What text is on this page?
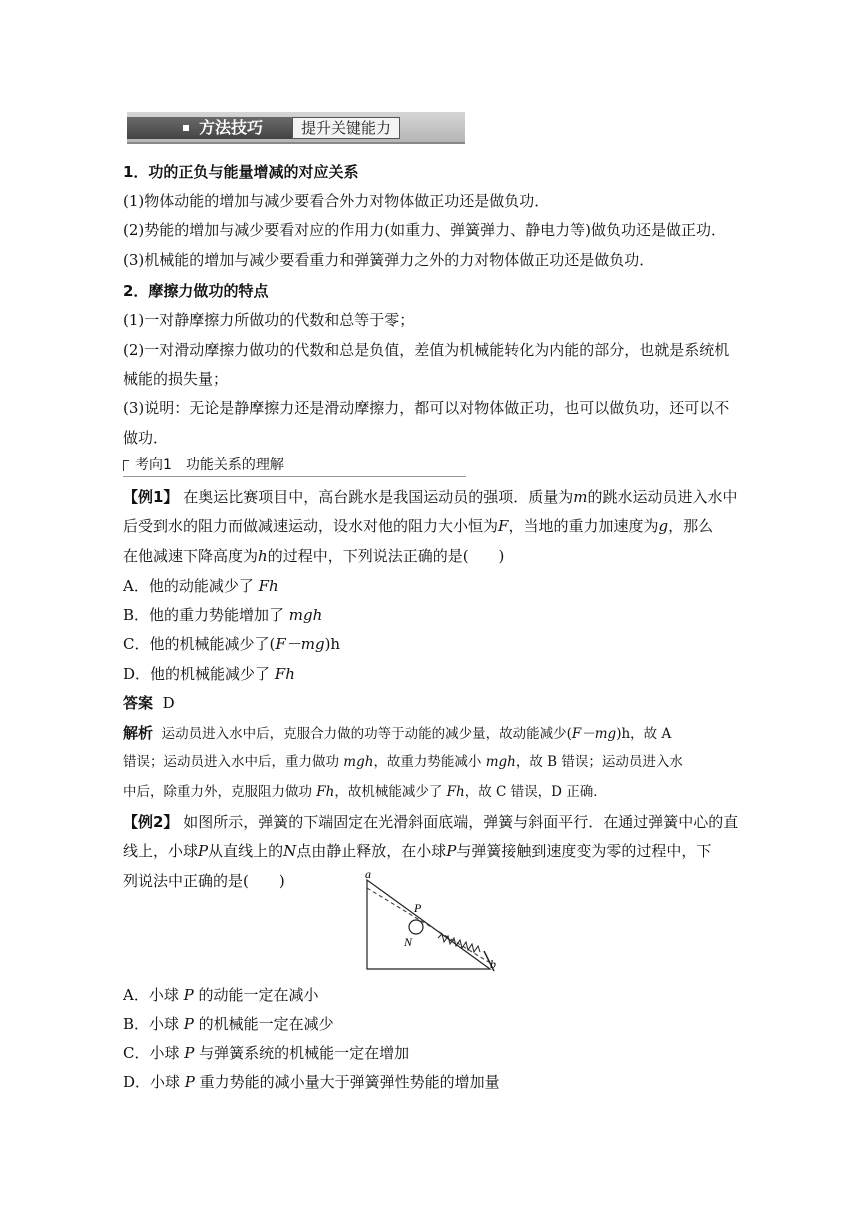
方法技巧	提升关键能力
1．功的正负与能量增减的对应关系
(1)物体动能的增加与减少要看合外力对物体做正功还是做负功．
(2)势能的增加与减少要看对应的作用力(如重力、弹簧弹力、静电力等)做负功还是做正功．
(3)机械能的增加与减少要看重力和弹簧弹力之外的力对物体做正功还是做负功．
2．摩擦力做功的特点
(1)一对静摩擦力所做功的代数和总等于零；
(2)一对滑动摩擦力做功的代数和总是负值，差值为机械能转化为内能的部分，也就是系统机
械能的损失量；
(3)说明：无论是静摩擦力还是滑动摩擦力，都可以对物体做正功，也可以做负功，还可以不
做功．
考向1　功能关系的理解
【例1】 在奥运比赛项目中，高台跳水是我国运动员的强项．质量为m的跳水运动员进入水中
后受到水的阻力而做减速运动，设水对他的阻力大小恒为F，当地的重力加速度为g，那么
在他减速下降高度为h的过程中，下列说法正确的是(　　)
A．他的动能减少了 Fh
B．他的重力势能增加了 mgh
C．他的机械能减少了(F－mg)h
D．他的机械能减少了 Fh
答案 D
解析 运动员进入水中后，克服合力做的功等于动能的减少量，故动能减少(F－mg)h，故 A
错误；运动员进入水中后，重力做功 mgh，故重力势能减小 mgh，故 B 错误；运动员进入水
中后，除重力外，克服阻力做功 Fh，故机械能减少了 Fh，故 C 错误，D 正确．
【例2】 如图所示，弹簧的下端固定在光滑斜面底端，弹簧与斜面平行．在通过弹簧中心的直
线上，小球P从直线上的N点由静止释放，在小球P与弹簧接触到速度变为零的过程中，下
列说法中正确的是(　　)	a
P
N
b
A．小球 P 的动能一定在减小
B．小球 P 的机械能一定在减少
C．小球 P 与弹簧系统的机械能一定在增加
D．小球 P 重力势能的减小量大于弹簧弹性势能的增加量
